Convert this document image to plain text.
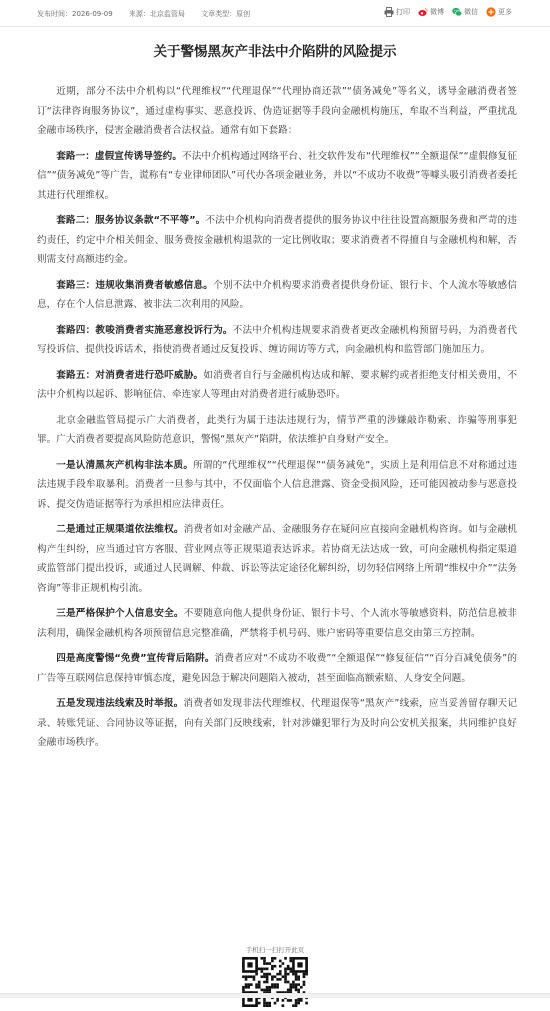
发布时间：2026-09-09 来源：北京监管局 文章类型：原创	打印	微博	微信	更多
关于警惕黑灰产非法中介陷阱的风险提示

近期，部分不法中介机构以“代理维权”“代理退保”“代理协商还款”“债务减免”等名义，诱导金融消费者签订“法律咨询服务协议”，通过虚构事实、恶意投诉、伪造证据等手段向金融机构施压，牟取不当利益，严重扰乱金融市场秩序，侵害金融消费者合法权益。通常有如下套路：

套路一：虚假宣传诱导签约。不法中介机构通过网络平台、社交软件发布“代理维权”“全额退保”“虚假修复征信”“债务减免”等广告，谎称有“专业律师团队”可代办各项金融业务，并以“不成功不收费”等噱头吸引消费者委托其进行代理维权。

套路二：服务协议条款“不平等”。不法中介机构向消费者提供的服务协议中往往设置高额服务费和严苛的违约责任，约定中介相关佣金、服务费按金融机构退款的一定比例收取；要求消费者不得擅自与金融机构和解，否则需支付高额违约金。

套路三：违规收集消费者敏感信息。个别不法中介机构要求消费者提供身份证、银行卡、个人流水等敏感信息，存在个人信息泄露、被非法二次利用的风险。

套路四：教唆消费者实施恶意投诉行为。不法中介机构违规要求消费者更改金融机构预留号码，为消费者代写投诉信、提供投诉话术，指使消费者通过反复投诉、缠访闹访等方式，向金融机构和监管部门施加压力。

套路五：对消费者进行恐吓威胁。如消费者自行与金融机构达成和解、要求解约或者拒绝支付相关费用，不法中介机构以起诉、影响征信、牵连家人等理由对消费者进行威胁恐吓。

北京金融监管局提示广大消费者，此类行为属于违法违规行为，情节严重的涉嫌敲诈勒索、诈骗等刑事犯罪。广大消费者要提高风险防范意识，警惕“黑灰产”陷阱，依法维护自身财产安全。

一是认清黑灰产机构非法本质。所谓的“代理维权”“代理退保”“债务减免”，实质上是利用信息不对称通过违法违规手段牟取暴利。消费者一旦参与其中，不仅面临个人信息泄露、资金受损风险，还可能因被动参与恶意投诉、提交伪造证据等行为承担相应法律责任。

二是通过正规渠道依法维权。消费者如对金融产品、金融服务存在疑问应直接向金融机构咨询。如与金融机构产生纠纷，应当通过官方客服、营业网点等正规渠道表达诉求。若协商无法达成一致，可向金融机构指定渠道或监管部门提出投诉，或通过人民调解、仲裁、诉讼等法定途径化解纠纷，切勿轻信网络上所谓“维权中介”“法务咨询”等非正规机构引流。

三是严格保护个人信息安全。不要随意向他人提供身份证、银行卡号、个人流水等敏感资料，防范信息被非法利用，确保金融机构各项预留信息完整准确，严禁将手机号码、账户密码等重要信息交由第三方控制。

四是高度警惕“免费”宣传背后陷阱。消费者应对“不成功不收费”“全额退保”“修复征信”“百分百减免债务”的广告等互联网信息保持审慎态度，避免因急于解决问题陷入被动，甚至面临高额索赔、人身安全问题。

五是发现违法线索及时举报。消费者如发现非法代理维权、代理退保等“黑灰产”线索，应当妥善留存聊天记录、转账凭证、合同协议等证据，向有关部门反映线索，针对涉嫌犯罪行为及时向公安机关报案，共同维护良好金融市场秩序。

手机扫一扫打开此页
